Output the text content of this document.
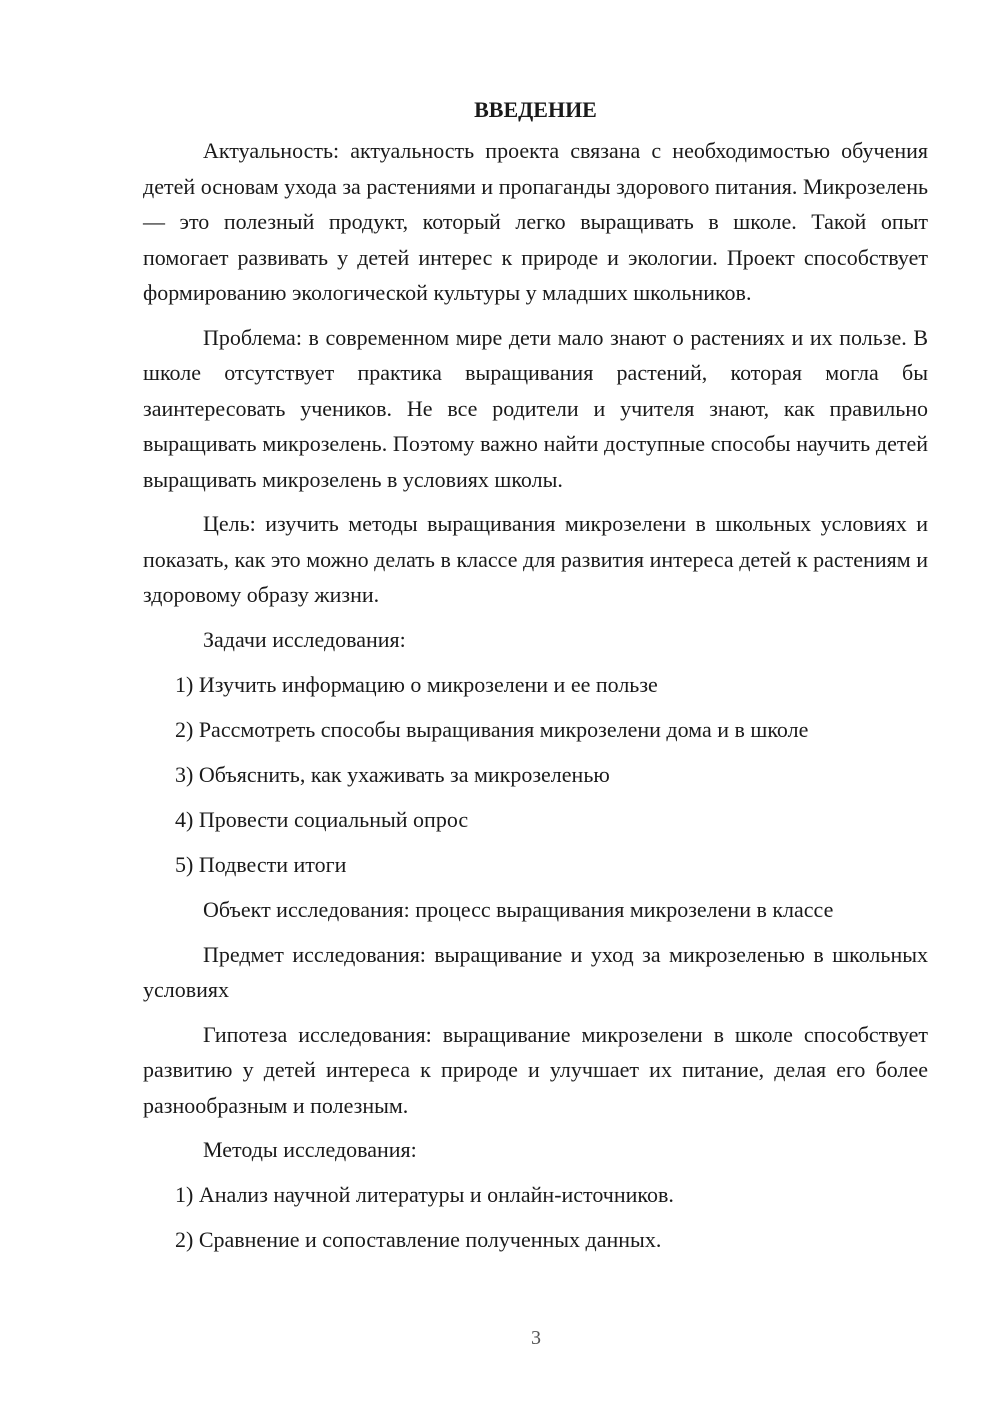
ВВЕДЕНИЕ

Актуальность: актуальность проекта связана с необходимостью обучения детей основам ухода за растениями и пропаганды здорового питания. Микрозелень — это полезный продукт, который легко выращивать в школе. Такой опыт помогает развивать у детей интерес к природе и экологии. Проект способствует формированию экологической культуры у младших школьников.

Проблема: в современном мире дети мало знают о растениях и их пользе. В школе отсутствует практика выращивания растений, которая могла бы заинтересовать учеников. Не все родители и учителя знают, как правильно выращивать микрозелень. Поэтому важно найти доступные способы научить детей выращивать микрозелень в условиях школы.

Цель: изучить методы выращивания микрозелени в школьных условиях и показать, как это можно делать в классе для развития интереса детей к растениям и здоровому образу жизни.

Задачи исследования:

1) Изучить информацию о микрозелени и ее пользе

2) Рассмотреть способы выращивания микрозелени дома и в школе

3) Объяснить, как ухаживать за микрозеленью

4) Провести социальный опрос

5) Подвести итоги

Объект исследования: процесс выращивания микрозелени в классе

Предмет исследования: выращивание и уход за микрозеленью в школьных условиях

Гипотеза исследования: выращивание микрозелени в школе способствует развитию у детей интереса к природе и улучшает их питание, делая его более разнообразным и полезным.

Методы исследования:

1) Анализ научной литературы и онлайн-источников.

2) Сравнение и сопоставление полученных данных.

3
